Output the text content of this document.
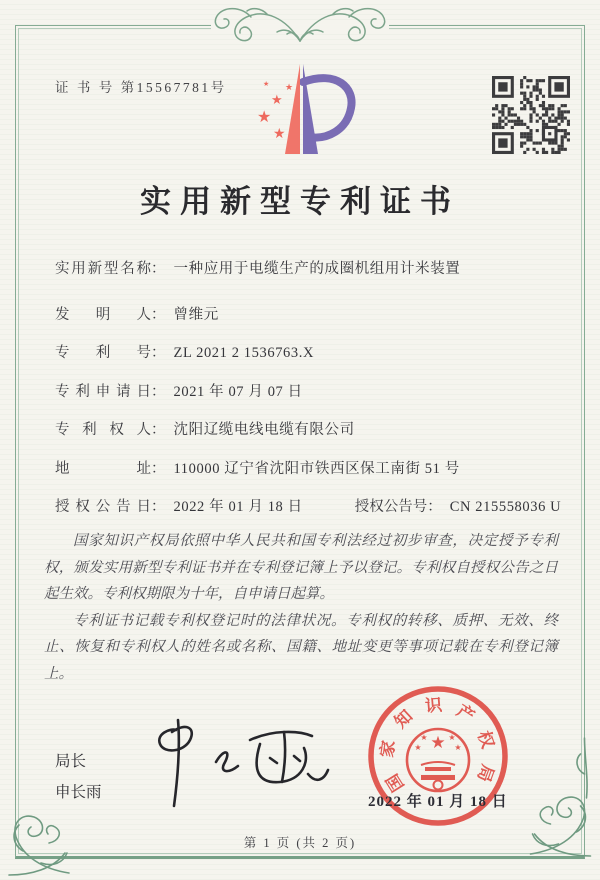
证 书 号 第15567781号
★
★
★
★
★
实用新型专利证书
实用新型名称： 一种应用于电缆生产的成圈机组用计米装置
发明人： 曾维元
专利号： ZL 2021 2 1536763.X
专利申请日： 2021 年 07 月 07 日
专利权人： 沈阳辽缆电线电缆有限公司
地址： 110000 辽宁省沈阳市铁西区保工南街 51 号
授权公告日： 2022 年 01 月 18 日	授权公告号： CN 215558036 U

国家知识产权局依照中华人民共和国专利法经过初步审查，决定授予专利权，颁发实用新型专利证书并在专利登记簿上予以登记。专利权自授权公告之日起生效。专利权期限为十年，自申请日起算。

专利证书记载专利权登记时的法律状况。专利权的转移、质押、无效、终止、恢复和专利权人的姓名或名称、国籍、地址变更等事项记载在专利登记簿上。

局长
申长雨	国
家
知
识 产
权
局
★
★	★
★	★
2022 年 01 月 18 日
第 1 页 (共 2 页)
